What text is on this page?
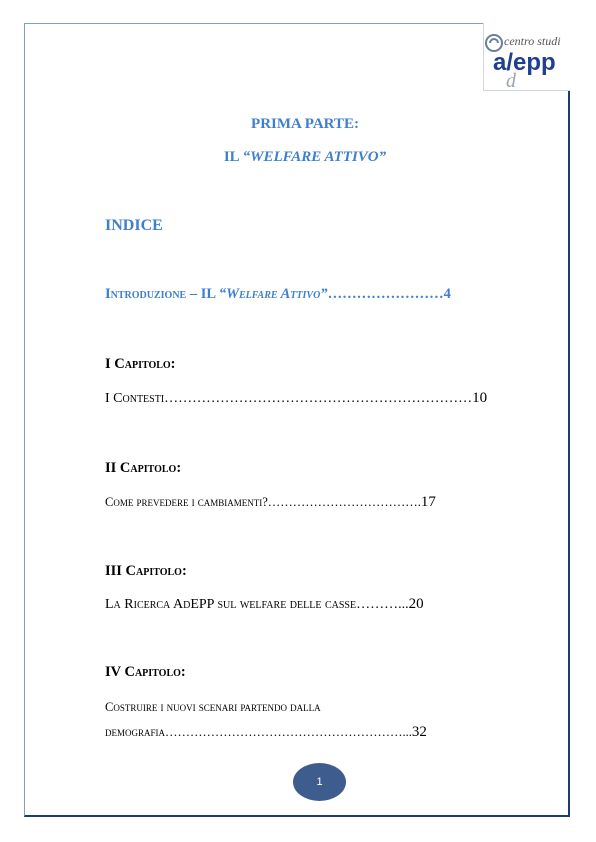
centro studi
a/epp
d
PRIMA PARTE:
IL “WELFARE ATTIVO”
INDICE
Introduzione – IL “Welfare Attivo”……………………4
I Capitolo:
I Contesti…………………………………………………………10
II Capitolo:
Come prevedere i cambiamenti?……………………………….17
III Capitolo:
La Ricerca AdEPP sul welfare delle casse………...20
IV Capitolo:
Costruire i nuovi scenari partendo dalla
demografia…………………………………………………...32
1
